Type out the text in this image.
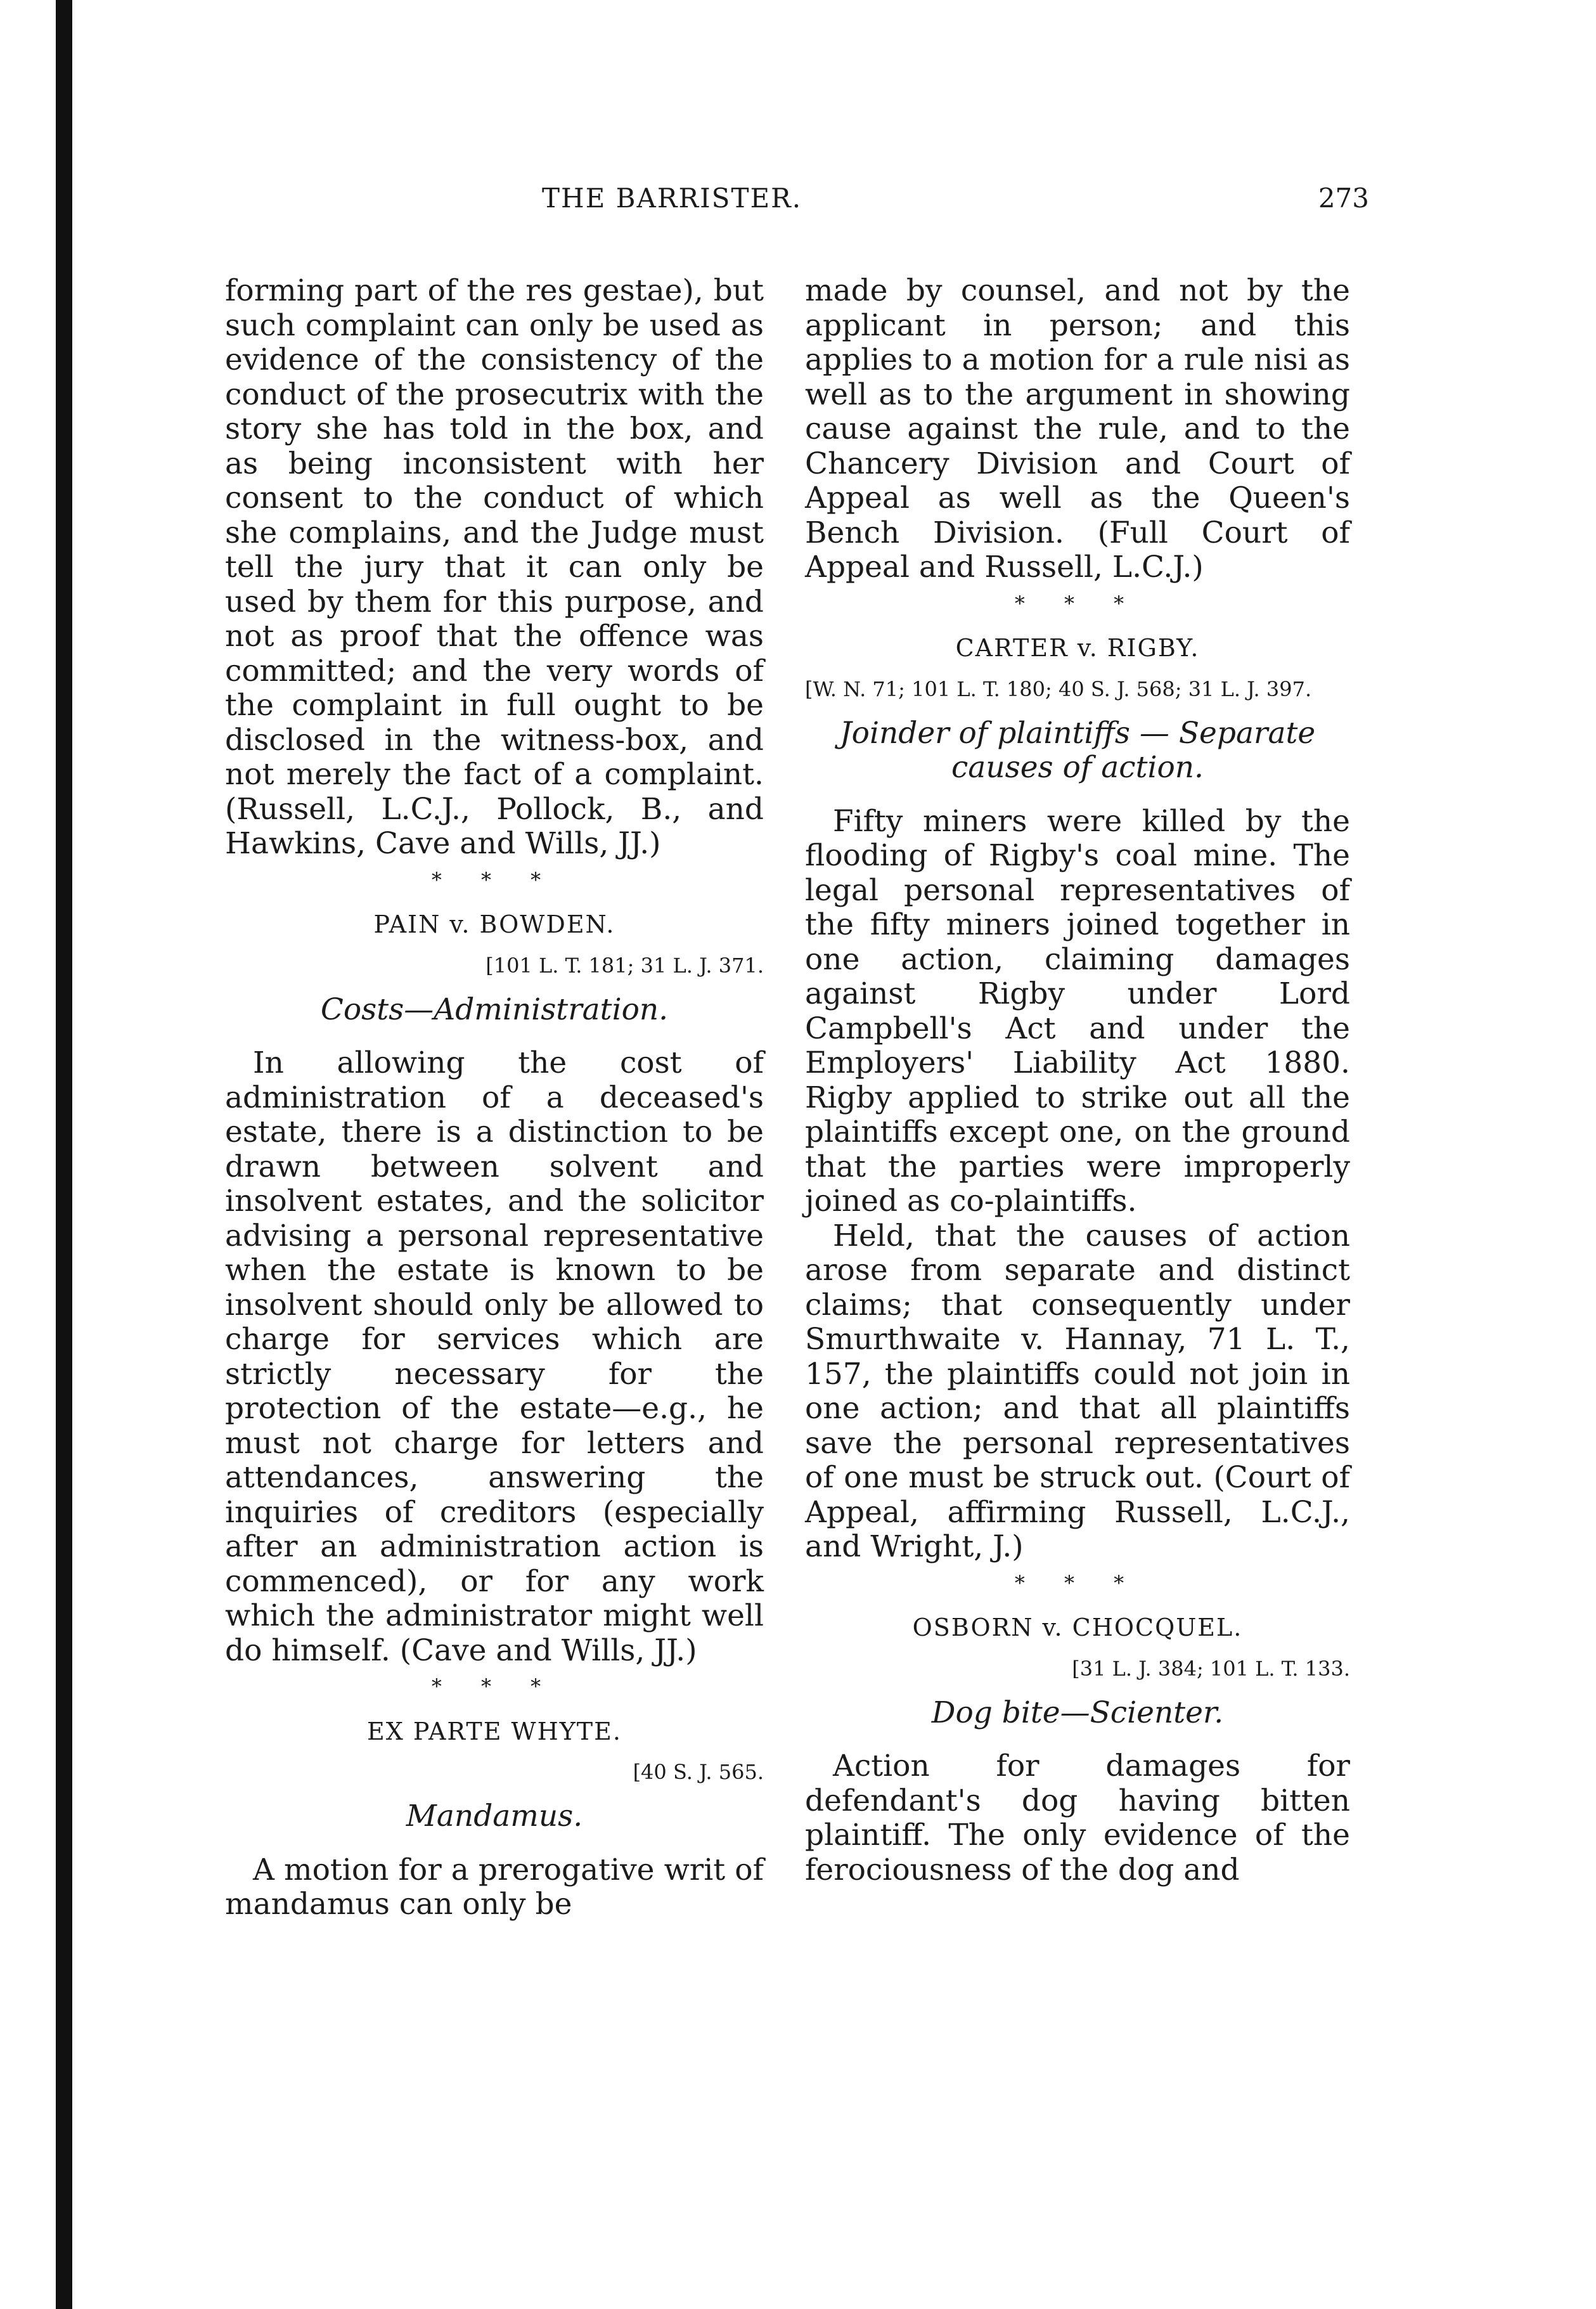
THE BARRISTER.	273

forming part of the res gestae), but such complaint can only be used as evidence of the consistency of the conduct of the prosecutrix with the story she has told in the box, and as being inconsistent with her consent to the conduct of which she complains, and the Judge must tell the jury that it can only be used by them for this purpose, and not as proof that the offence was committed; and the very words of the complaint in full ought to be disclosed in the witness-box, and not merely the fact of a complaint. (Russell, L.C.J., Pollock, B., and Hawkins, Cave and Wills, JJ.)

* * *
PAIN v. BOWDEN.
[101 L. T. 181; 31 L. J. 371.
Costs—Administration.

In allowing the cost of administration of a deceased's estate, there is a distinction to be drawn between solvent and insolvent estates, and the solicitor advising a personal representative when the estate is known to be insolvent should only be allowed to charge for services which are strictly necessary for the protection of the estate—e.g., he must not charge for letters and attendances, answering the inquiries of creditors (especially after an administration action is commenced), or for any work which the administrator might well do himself. (Cave and Wills, JJ.)

* * *
EX PARTE WHYTE.
[40 S. J. 565.
Mandamus.

A motion for a prerogative writ of mandamus can only be

made by counsel, and not by the applicant in person; and this applies to a motion for a rule nisi as well as to the argument in showing cause against the rule, and to the Chancery Division and Court of Appeal as well as the Queen's Bench Division. (Full Court of Appeal and Russell, L.C.J.)

* * *
CARTER v. RIGBY.
[W. N. 71; 101 L. T. 180; 40 S. J. 568; 31 L. J. 397.
Joinder of plaintiffs — Separate causes of action.

Fifty miners were killed by the flooding of Rigby's coal mine. The legal personal representatives of the fifty miners joined together in one action, claiming damages against Rigby under Lord Campbell's Act and under the Employers' Liability Act 1880. Rigby applied to strike out all the plaintiffs except one, on the ground that the parties were improperly joined as co-plaintiffs.

Held, that the causes of action arose from separate and distinct claims; that consequently under Smurthwaite v. Hannay, 71 L. T., 157, the plaintiffs could not join in one action; and that all plaintiffs save the personal representatives of one must be struck out. (Court of Appeal, affirming Russell, L.C.J., and Wright, J.)

* * *
OSBORN v. CHOCQUEL.
[31 L. J. 384; 101 L. T. 133.
Dog bite—Scienter.

Action for damages for defendant's dog having bitten plaintiff. The only evidence of the ferociousness of the dog and
